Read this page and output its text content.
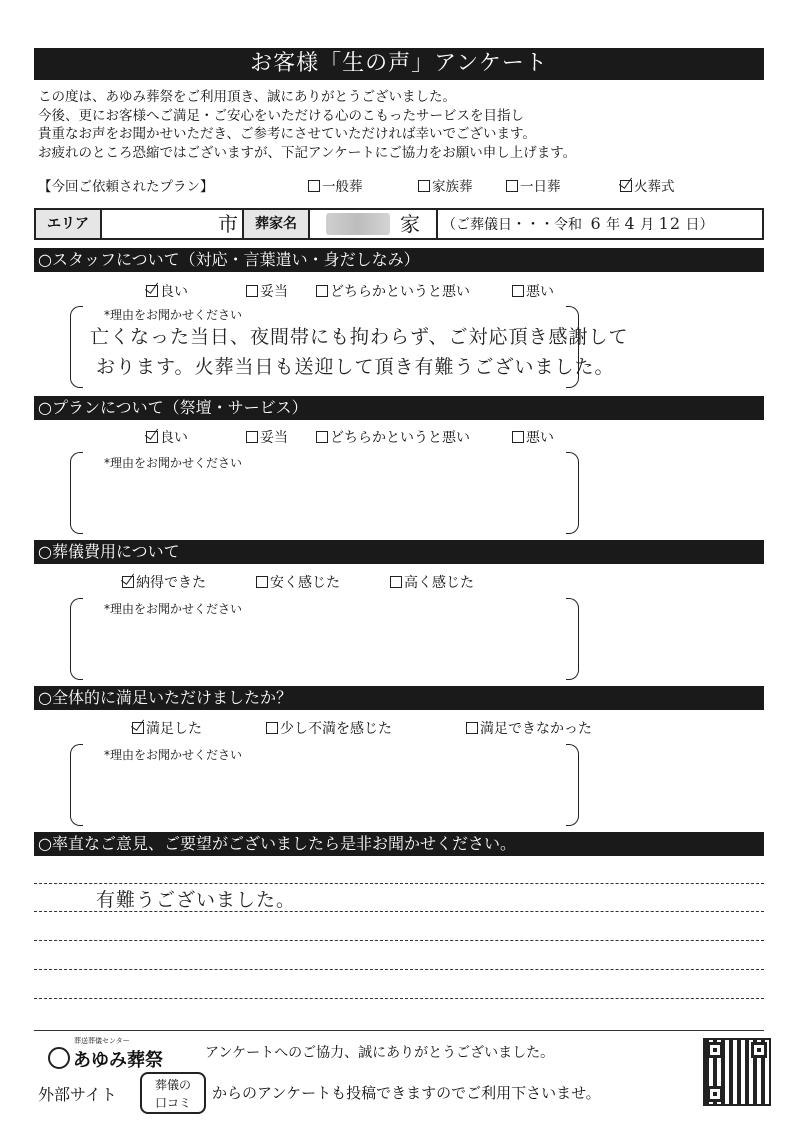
お客様「生の声」アンケート
この度は、あゆみ葬祭をご利用頂き、誠にありがとうございました。
今後、更にお客様へご満足・ご安心をいただける心のこもったサービスを目指し
貴重なお声をお聞かせいただき、ご参考にさせていただければ幸いでございます。
お疲れのところ恐縮ではございますが、下記アンケートにご協力をお願い申し上げます。
【今回ご依頼されたプラン】	一般葬	家族葬	一日葬	火葬式
エリア	市	葬家名	家	（ご葬儀日・・・令和 6 年 4 月 12 日）
○スタッフについて（対応・言葉遣い・身だしなみ）
良い	妥当	どちらかというと悪い	悪い
*理由をお聞かせください
亡くなった当日、夜間帯にも拘わらず、ご対応頂き感謝して
おります。火葬当日も送迎して頂き有難うございました。
○プランについて（祭壇・サービス）
良い	妥当	どちらかというと悪い	悪い
*理由をお聞かせください
○葬儀費用について
納得できた	安く感じた	高く感じた
*理由をお聞かせください
○全体的に満足いただけましたか？
満足した	少し不満を感じた	満足できなかった
*理由をお聞かせください
○率直なご意見、ご要望がございましたら是非お聞かせください。
有難うございました。
葬送葬儀センター
あゆみ葬祭	アンケートへのご協力、誠にありがとうございました。
外部サイト	葬儀の
口コミ
からのアンケートも投稿できますのでご利用下さいませ。
